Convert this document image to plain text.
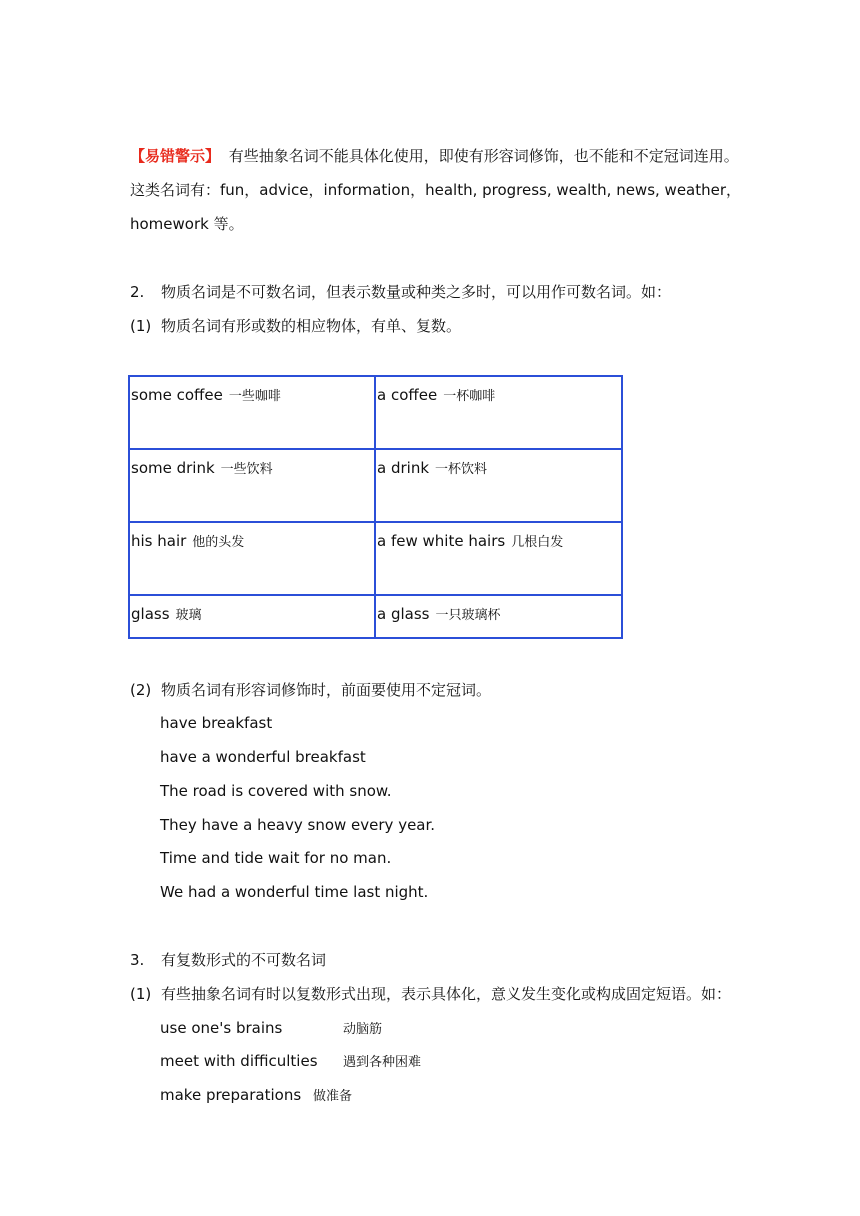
【易错警示】 有些抽象名词不能具体化使用，即使有形容词修饰，也不能和不定冠词连用。
这类名词有：fun，advice，information，health, progress, wealth, news, weather，
homework 等。
2. 物质名词是不可数名词，但表示数量或种类之多时，可以用作可数名词。如：
(1) 物质名词有形或数的相应物体，有单、复数。
some coffee 一些咖啡	a coffee 一杯咖啡
some drink 一些饮料	a drink 一杯饮料
his hair 他的头发	a few white hairs 几根白发
glass 玻璃	a glass 一只玻璃杯
(2) 物质名词有形容词修饰时，前面要使用不定冠词。
have breakfast
have a wonderful breakfast
The road is covered with snow.
They have a heavy snow every year.
Time and tide wait for no man.
We had a wonderful time last night.
3. 有复数形式的不可数名词
(1) 有些抽象名词有时以复数形式出现，表示具体化，意义发生变化或构成固定短语。如：
use one's brains	动脑筋
meet with difficulties 遇到各种困难
make preparations 做准备
